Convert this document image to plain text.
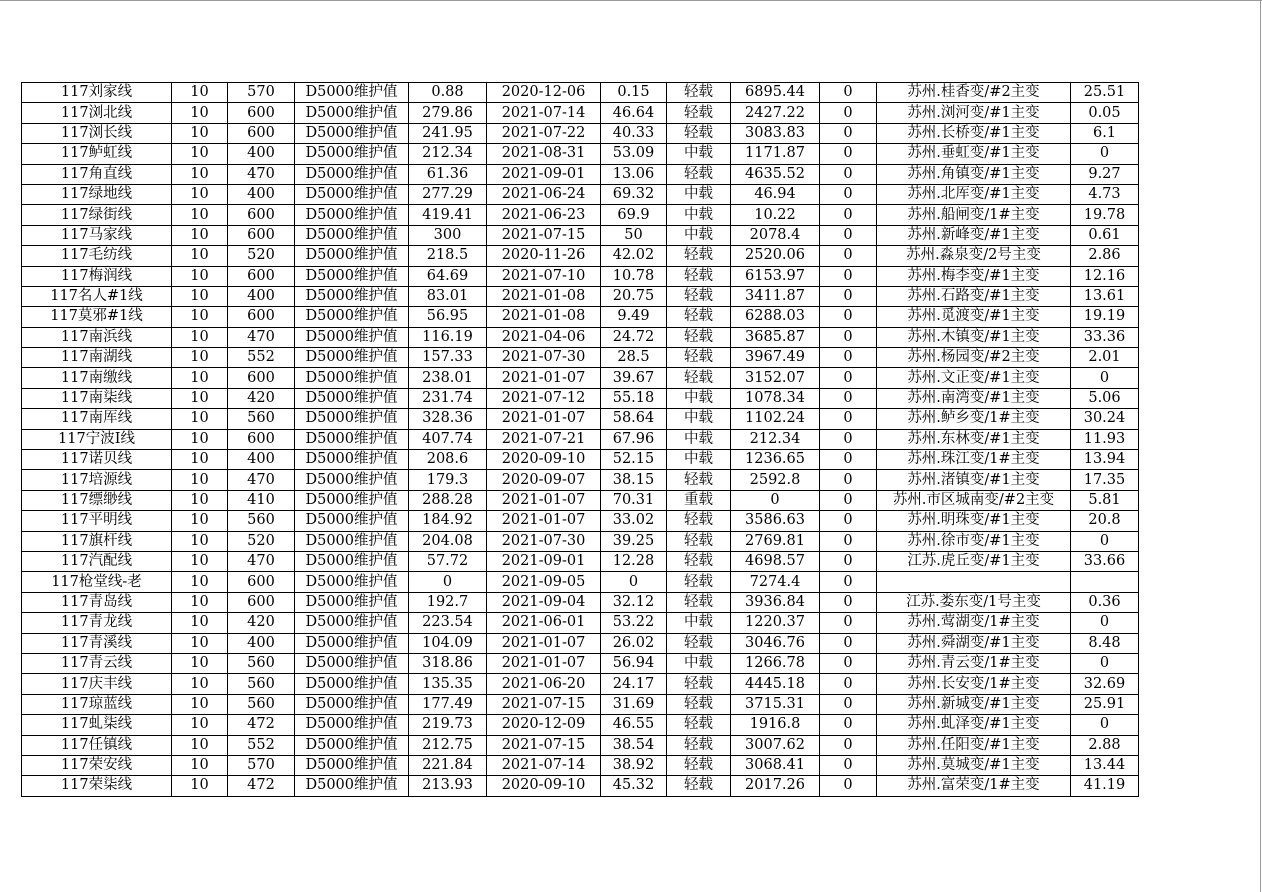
117刘家线	10	570	D5000维护值	0.88	2020-12-06	0.15	轻载	6895.44	0	苏州.桂香变/#2主变	25.51
117浏北线	10	600	D5000维护值	279.86	2021-07-14	46.64	轻载	2427.22	0	苏州.浏河变/#1主变	0.05
117浏长线	10	600	D5000维护值	241.95	2021-07-22	40.33	轻载	3083.83	0	苏州.长桥变/#1主变	6.1
117鲈虹线	10	400	D5000维护值	212.34	2021-08-31	53.09	中载	1171.87	0	苏州.垂虹变/#1主变	0
117角直线	10	470	D5000维护值	61.36	2021-09-01	13.06	轻载	4635.52	0	苏州.角镇变/#1主变	9.27
117绿地线	10	400	D5000维护值	277.29	2021-06-24	69.32	中载	46.94	0	苏州.北厍变/#1主变	4.73
117绿街线	10	600	D5000维护值	419.41	2021-06-23	69.9	中载	10.22	0	苏州.船闸变/1#主变	19.78
117马家线	10	600	D5000维护值	300	2021-07-15	50	中载	2078.4	0	苏州.新峰变/#1主变	0.61
117毛纺线	10	520	D5000维护值	218.5	2020-11-26	42.02	轻载	2520.06	0	苏州.淼泉变/2号主变	2.86
117梅润线	10	600	D5000维护值	64.69	2021-07-10	10.78	轻载	6153.97	0	苏州.梅李变/#1主变	12.16
117名人#1线	10	400	D5000维护值	83.01	2021-01-08	20.75	轻载	3411.87	0	苏州.石路变/#1主变	13.61
117莫邪#1线	10	600	D5000维护值	56.95	2021-01-08	9.49	轻载	6288.03	0	苏州.觅渡变/#1主变	19.19
117南浜线	10	470	D5000维护值	116.19	2021-04-06	24.72	轻载	3685.87	0	苏州.木镇变/#1主变	33.36
117南湖线	10	552	D5000维护值	157.33	2021-07-30	28.5	轻载	3967.49	0	苏州.杨园变/#2主变	2.01
117南缴线	10	600	D5000维护值	238.01	2021-01-07	39.67	轻载	3152.07	0	苏州.文正变/#1主变	0
117南柒线	10	420	D5000维护值	231.74	2021-07-12	55.18	中载	1078.34	0	苏州.南湾变/#1主变	5.06
117南厍线	10	560	D5000维护值	328.36	2021-01-07	58.64	中载	1102.24	0	苏州.鲈乡变/1#主变	30.24
117宁波I线	10	600	D5000维护值	407.74	2021-07-21	67.96	中载	212.34	0	苏州.东林变/#1主变	11.93
117诺贝线	10	400	D5000维护值	208.6	2020-09-10	52.15	中载	1236.65	0	苏州.珠江变/1#主变	13.94
117培源线	10	470	D5000维护值	179.3	2020-09-07	38.15	轻载	2592.8	0	苏州.渚镇变/#1主变	17.35
117缥缈线	10	410	D5000维护值	288.28	2021-01-07	70.31	重载	0	0	苏州.市区城南变/#2主变	5.81
117平明线	10	560	D5000维护值	184.92	2021-01-07	33.02	轻载	3586.63	0	苏州.明珠变/#1主变	20.8
117旗杆线	10	520	D5000维护值	204.08	2021-07-30	39.25	轻载	2769.81	0	苏州.徐市变/#1主变	0
117汽配线	10	470	D5000维护值	57.72	2021-09-01	12.28	轻载	4698.57	0	江苏.虎丘变/#1主变	33.66
117枪堂线-老	10	600	D5000维护值	0	2021-09-05	0	轻载	7274.4	0		
117青岛线	10	600	D5000维护值	192.7	2021-09-04	32.12	轻载	3936.84	0	江苏.娄东变/1号主变	0.36
117青龙线	10	420	D5000维护值	223.54	2021-06-01	53.22	中载	1220.37	0	苏州.莺湖变/1#主变	0
117青溪线	10	400	D5000维护值	104.09	2021-01-07	26.02	轻载	3046.76	0	苏州.舜湖变/#1主变	8.48
117青云线	10	560	D5000维护值	318.86	2021-01-07	56.94	中载	1266.78	0	苏州.青云变/1#主变	0
117庆丰线	10	560	D5000维护值	135.35	2021-06-20	24.17	轻载	4445.18	0	苏州.长安变/1#主变	32.69
117琼蓝线	10	560	D5000维护值	177.49	2021-07-15	31.69	轻载	3715.31	0	苏州.新城变/#1主变	25.91
117虬柒线	10	472	D5000维护值	219.73	2020-12-09	46.55	轻载	1916.8	0	苏州.虬泽变/#1主变	0
117任镇线	10	552	D5000维护值	212.75	2021-07-15	38.54	轻载	3007.62	0	苏州.任阳变/#1主变	2.88
117荣安线	10	570	D5000维护值	221.84	2021-07-14	38.92	轻载	3068.41	0	苏州.莫城变/#1主变	13.44
117荣柒线	10	472	D5000维护值	213.93	2020-09-10	45.32	轻载	2017.26	0	苏州.富荣变/1#主变	41.19
